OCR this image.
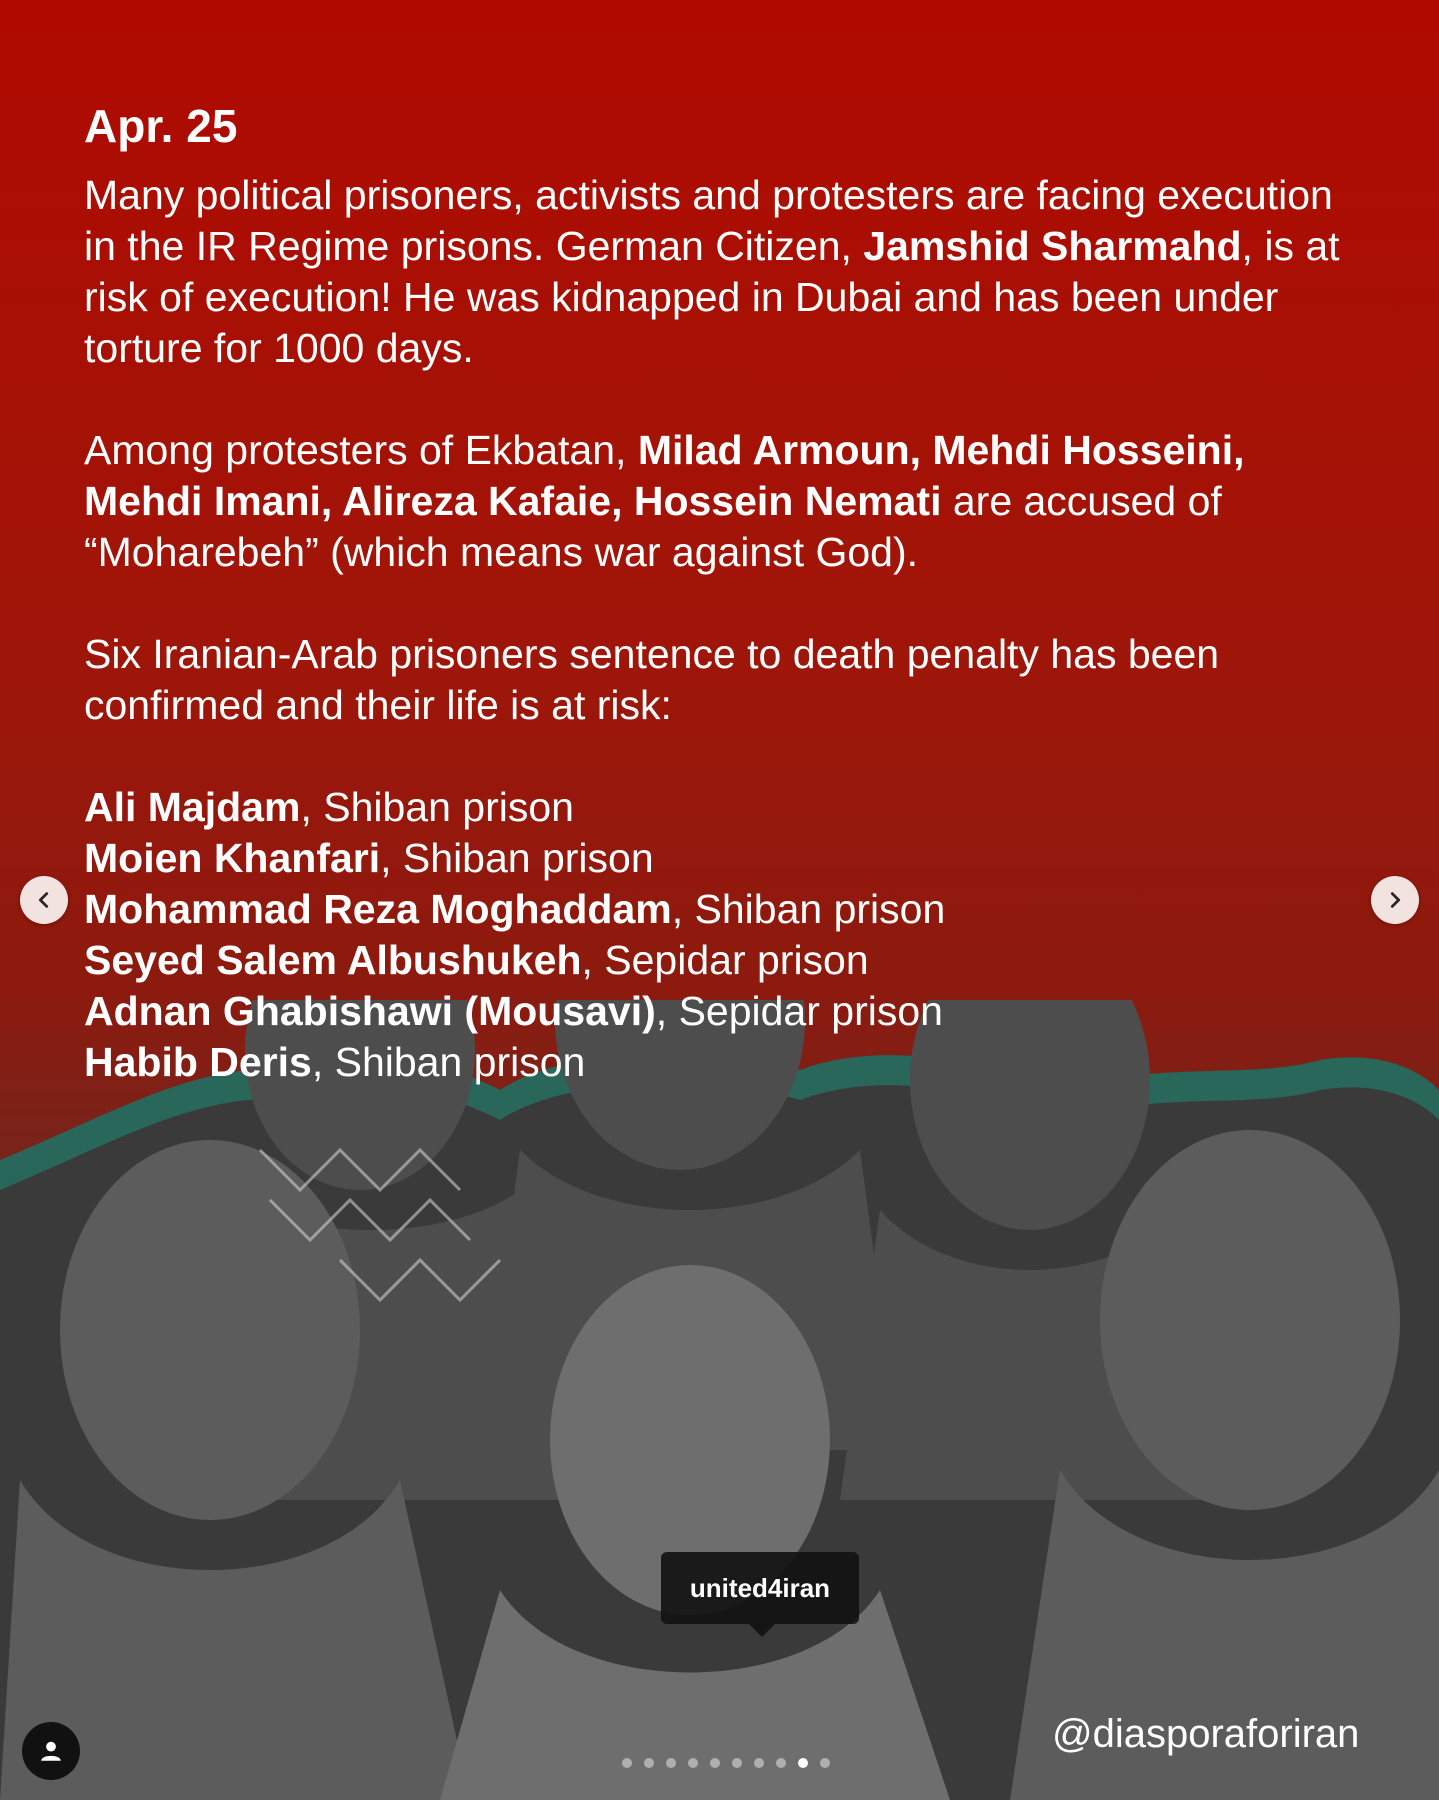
Apr. 25

Many political prisoners, activists and protesters are facing execution in the IR Regime prisons. German Citizen, Jamshid Sharmahd, is at risk of execution! He was kidnapped in Dubai and has been under torture for 1000 days.

Among protesters of Ekbatan, Milad Armoun, Mehdi Hosseini, Mehdi Imani, Alireza Kafaie, Hossein Nemati are accused of “Moharebeh” (which means war against God).

Six Iranian-Arab prisoners sentence to death penalty has been confirmed and their life is at risk:

Ali Majdam, Shiban prison
Moien Khanfari, Shiban prison
Mohammad Reza Moghaddam, Shiban prison
Seyed Salem Albushukeh, Sepidar prison
Adnan Ghabishawi (Mousavi), Sepidar prison
Habib Deris, Shiban prison
united4iran
@diasporaforiran
